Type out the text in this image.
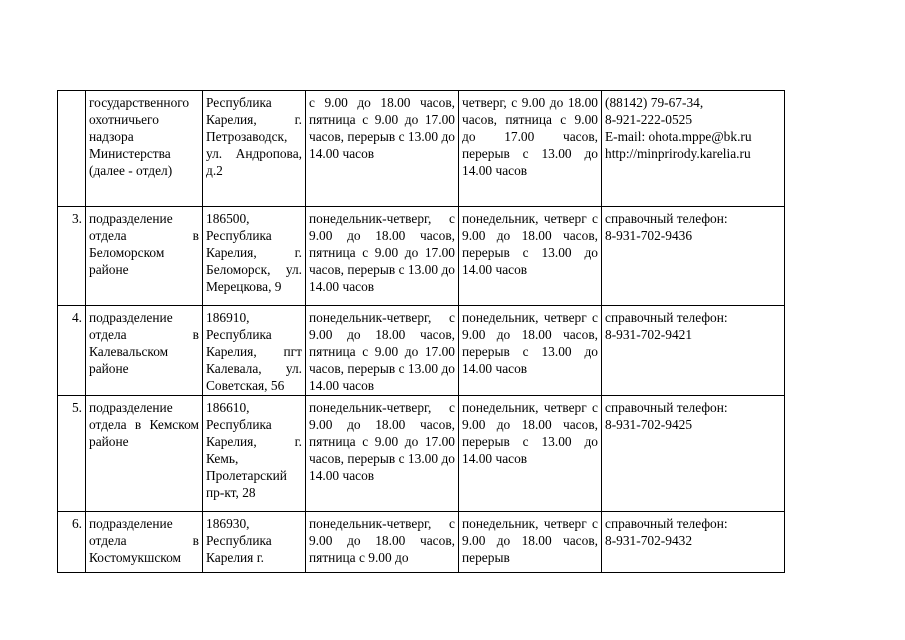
	государственного охотничьего надзора Министерства (далее - отдел)	Республика Карелия, г. Петрозаводск, ул. Андропова, д.2	с 9.00 до 18.00 часов, пятница с 9.00 до 17.00 часов, перерыв с 13.00 до 14.00 часов	четверг, с 9.00 до 18.00 часов, пятница с 9.00 до 17.00 часов, перерыв с 13.00 до 14.00 часов	(88142) 79-67-34,
8-921-222-0525
E-mail: ohota.mppe@bk.ru
http://minprirody.karelia.ru

3.	подразделение отдела в Беломорском районе	186500, Республика Карелия, г. Беломорск, ул. Мерецкова, 9	понедельник-четверг, с 9.00 до 18.00 часов, пятница с 9.00 до 17.00 часов, перерыв с 13.00 до 14.00 часов	понедельник, четверг с 9.00 до 18.00 часов, перерыв с 13.00 до 14.00 часов	справочный телефон:
8-931-702-9436

4.	подразделение отдела в Калевальском районе	186910, Республика Карелия, пгт Калевала, ул. Советская, 56	понедельник-четверг, с 9.00 до 18.00 часов, пятница с 9.00 до 17.00 часов, перерыв с 13.00 до 14.00 часов	понедельник, четверг с 9.00 до 18.00 часов, перерыв с 13.00 до 14.00 часов	справочный телефон:
8-931-702-9421

5.	подразделение отдела в Кемском районе	186610, Республика Карелия, г. Кемь, Пролетарский пр-кт, 28	понедельник-четверг, с 9.00 до 18.00 часов, пятница с 9.00 до 17.00 часов, перерыв с 13.00 до 14.00 часов	понедельник, четверг с 9.00 до 18.00 часов, перерыв с 13.00 до 14.00 часов	справочный телефон:
8-931-702-9425

6.	подразделение отдела в Костомукшском	186930, Республика Карелия г.	понедельник-четверг, с 9.00 до 18.00 часов, пятница с 9.00 до	понедельник, четверг с 9.00 до 18.00 часов, перерыв	справочный телефон:
8-931-702-9432
